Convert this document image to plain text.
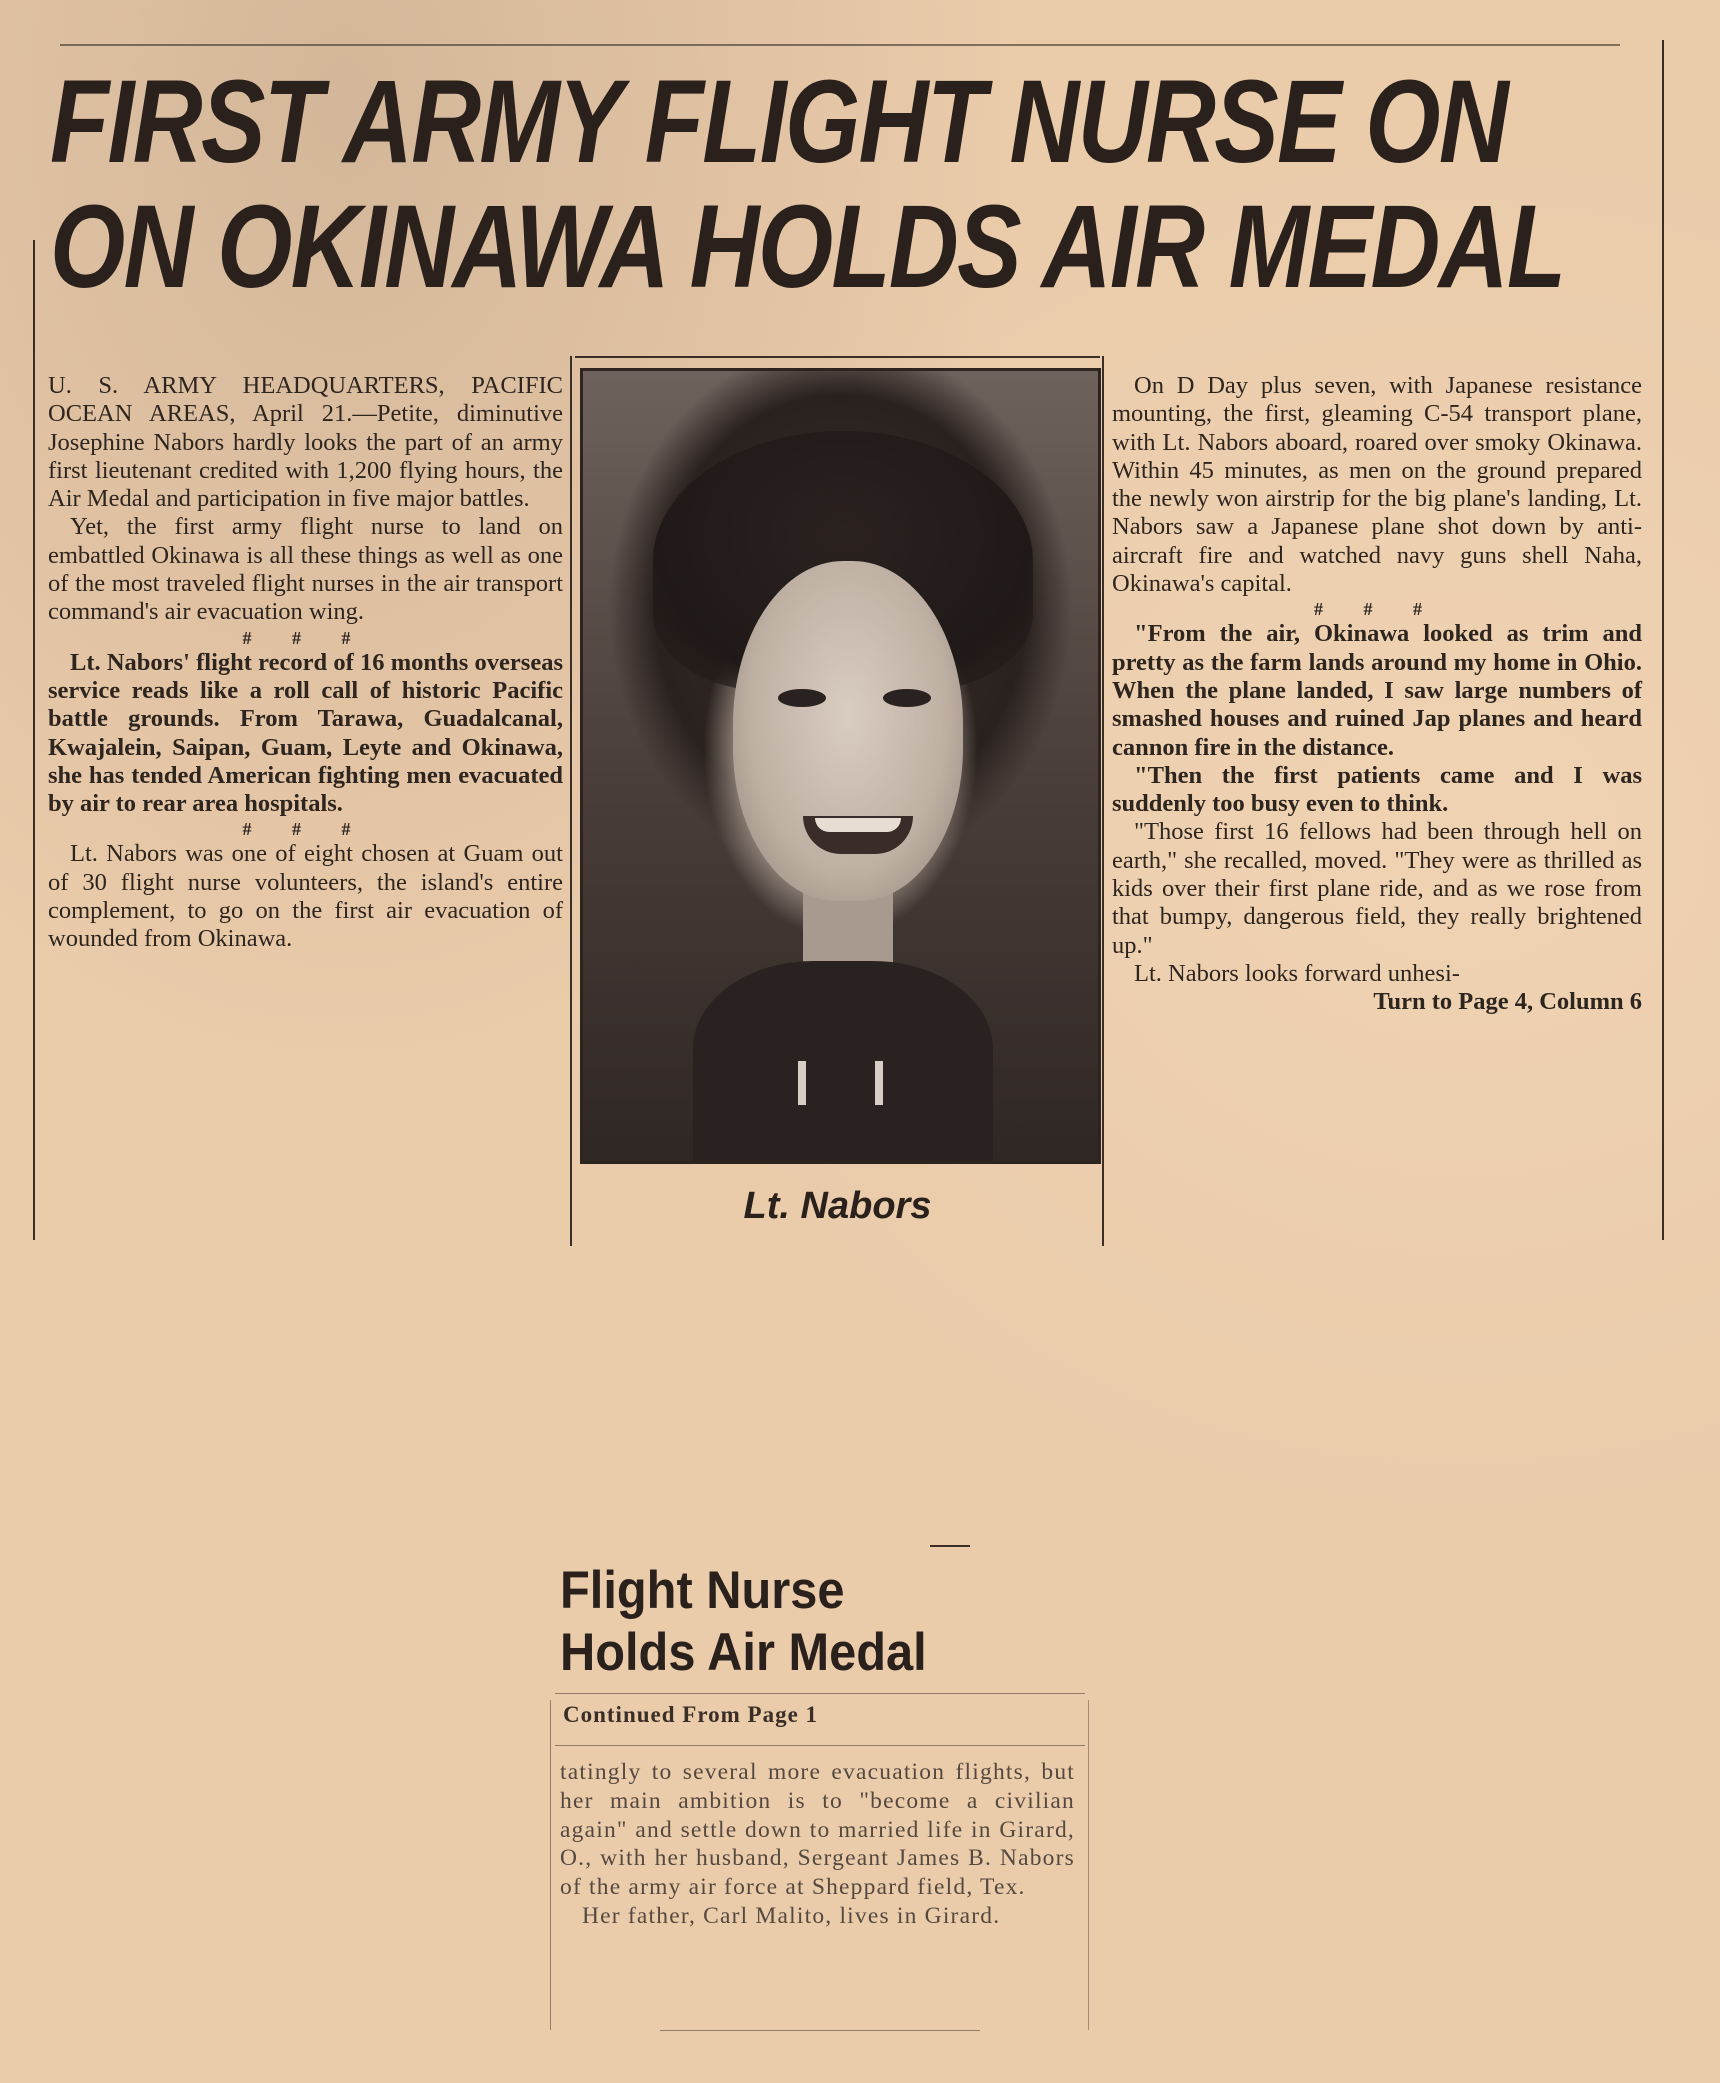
FIRST ARMY FLIGHT NURSE ON
ON OKINAWA HOLDS AIR MEDAL

U. S. ARMY HEADQUARTERS, PACIFIC OCEAN AREAS, April 21.—Petite, diminutive Josephine Nabors hardly looks the part of an army first lieutenant credited with 1,200 flying hours, the Air Medal and participation in five major battles.

Yet, the first army flight nurse to land on embattled Okinawa is all these things as well as one of the most traveled flight nurses in the air transport command's air evacuation wing.

# # #

Lt. Nabors' flight record of 16 months overseas service reads like a roll call of historic Pacific battle grounds. From Tarawa, Guadalcanal, Kwajalein, Saipan, Guam, Leyte and Okinawa, she has tended American fighting men evacuated by air to rear area hospitals.

# # #

Lt. Nabors was one of eight chosen at Guam out of 30 flight nurse volunteers, the island's entire complement, to go on the first air evacuation of wounded from Okinawa.

Lt. Nabors

On D Day plus seven, with Japanese resistance mounting, the first, gleaming C-54 transport plane, with Lt. Nabors aboard, roared over smoky Okinawa. Within 45 minutes, as men on the ground prepared the newly won airstrip for the big plane's landing, Lt. Nabors saw a Japanese plane shot down by anti-aircraft fire and watched navy guns shell Naha, Okinawa's capital.

# # #

"From the air, Okinawa looked as trim and pretty as the farm lands around my home in Ohio. When the plane landed, I saw large numbers of smashed houses and ruined Jap planes and heard cannon fire in the distance.

"Then the first patients came and I was suddenly too busy even to think.

"Those first 16 fellows had been through hell on earth," she recalled, moved. "They were as thrilled as kids over their first plane ride, and as we rose from that bumpy, dangerous field, they really brightened up."

Lt. Nabors looks forward unhesi-

Turn to Page 4, Column 6
Flight Nurse
Holds Air Medal
Continued From Page 1

tatingly to several more evacuation flights, but her main ambition is to "become a civilian again" and settle down to married life in Girard, O., with her husband, Sergeant James B. Nabors of the army air force at Sheppard field, Tex.

Her father, Carl Malito, lives in Girard.
